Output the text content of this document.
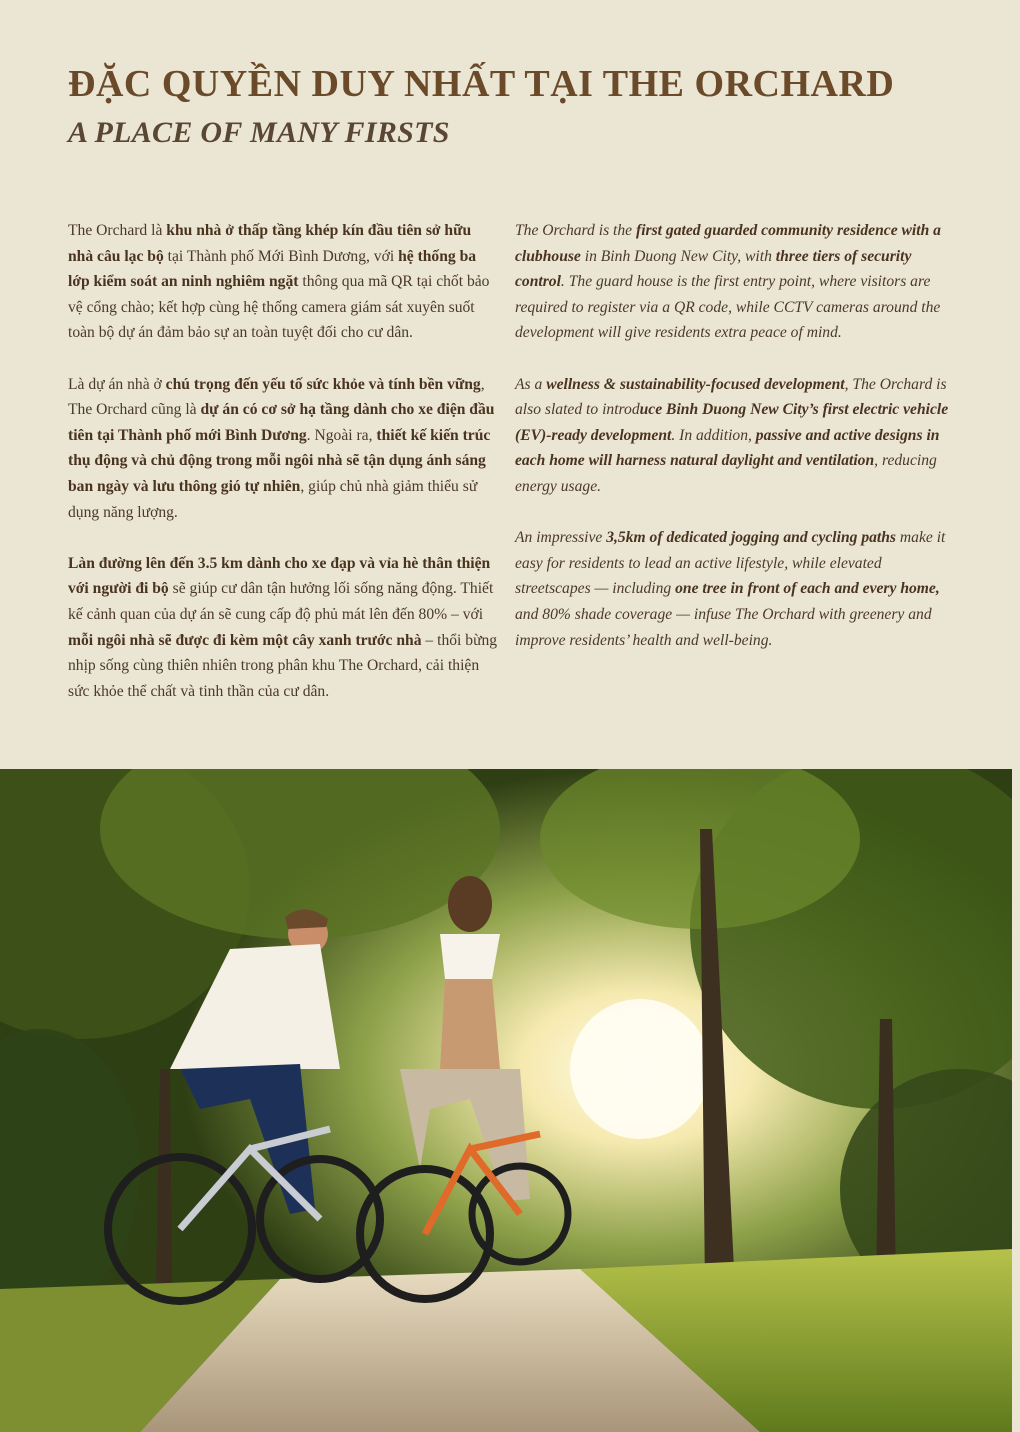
ĐẶC QUYỀN DUY NHẤT TẠI THE ORCHARD
A PLACE OF MANY FIRSTS

The Orchard là khu nhà ở thấp tầng khép kín đầu tiên sở hữu nhà câu lạc bộ tại Thành phố Mới Bình Dương, với hệ thống ba lớp kiểm soát an ninh nghiêm ngặt thông qua mã QR tại chốt bảo vệ cổng chào; kết hợp cùng hệ thống camera giám sát xuyên suốt toàn bộ dự án đảm bảo sự an toàn tuyệt đối cho cư dân.

Là dự án nhà ở chú trọng đến yếu tố sức khỏe và tính bền vững, The Orchard cũng là dự án có cơ sở hạ tầng dành cho xe điện đầu tiên tại Thành phố mới Bình Dương. Ngoài ra, thiết kế kiến trúc thụ động và chủ động trong mỗi ngôi nhà sẽ tận dụng ánh sáng ban ngày và lưu thông gió tự nhiên, giúp chủ nhà giảm thiểu sử dụng năng lượng.

Làn đường lên đến 3.5 km dành cho xe đạp và vỉa hè thân thiện với người đi bộ sẽ giúp cư dân tận hưởng lối sống năng động. Thiết kế cảnh quan của dự án sẽ cung cấp độ phủ mát lên đến 80% – với mỗi ngôi nhà sẽ được đi kèm một cây xanh trước nhà – thổi bừng nhịp sống cùng thiên nhiên trong phân khu The Orchard, cải thiện sức khỏe thể chất và tinh thần của cư dân.

The Orchard is the first gated guarded community residence with a clubhouse in Binh Duong New City, with three tiers of security control. The guard house is the first entry point, where visitors are required to register via a QR code, while CCTV cameras around the development will give residents extra peace of mind.

As a wellness & sustainability-focused development, The Orchard is also slated to introduce Binh Duong New City’s first electric vehicle (EV)-ready development. In addition, passive and active designs in each home will harness natural daylight and ventilation, reducing energy usage.

An impressive 3,5km of dedicated jogging and cycling paths make it easy for residents to lead an active lifestyle, while elevated streetscapes — including one tree in front of each and every home, and 80% shade coverage — infuse The Orchard with greenery and improve residents’ health and well-being.
